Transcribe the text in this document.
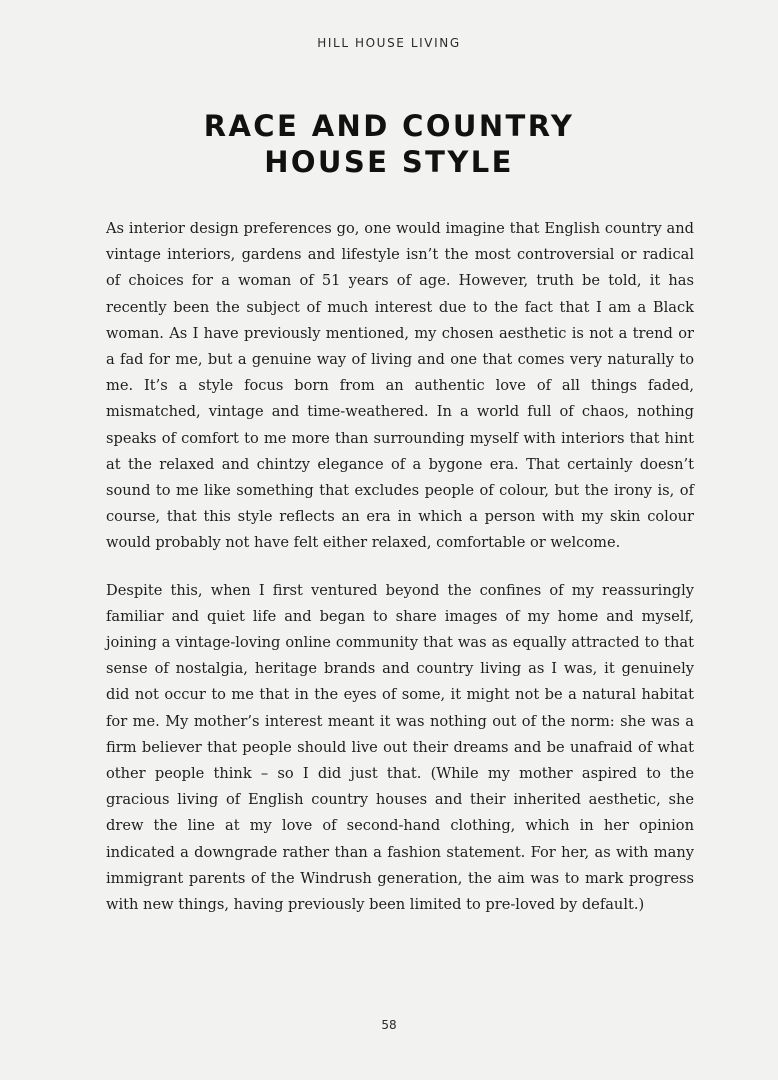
HILL HOUSE LIVING
RACE AND COUNTRY
HOUSE STYLE

As interior design preferences go, one would imagine that English country and vintage interiors, gardens and lifestyle isn’t the most controversial or radical of choices for a woman of 51 years of age. However, truth be told, it has recently been the subject of much interest due to the fact that I am a Black woman. As I have previously mentioned, my chosen aesthetic is not a trend or a fad for me, but a genuine way of living and one that comes very naturally to me. It’s a style focus born from an authentic love of all things faded, mismatched, vintage and time-weathered. In a world full of chaos, nothing speaks of comfort to me more than surrounding myself with interiors that hint at the relaxed and chintzy elegance of a bygone era. That certainly doesn’t sound to me like something that excludes people of colour, but the irony is, of course, that this style reflects an era in which a person with my skin colour would probably not have felt either relaxed, comfortable or welcome.

Despite this, when I first ventured beyond the confines of my reassuringly familiar and quiet life and began to share images of my home and myself, joining a vintage-loving online community that was as equally attracted to that sense of nostalgia, heritage brands and country living as I was, it genuinely did not occur to me that in the eyes of some, it might not be a natural habitat for me. My mother’s interest meant it was nothing out of the norm: she was a firm believer that people should live out their dreams and be unafraid of what other people think – so I did just that. (While my mother aspired to the gracious living of English country houses and their inherited aesthetic, she drew the line at my love of second-hand clothing, which in her opinion indicated a downgrade rather than a fashion statement. For her, as with many immigrant parents of the Windrush generation, the aim was to mark progress with new things, having previously been limited to pre-loved by default.)

58
